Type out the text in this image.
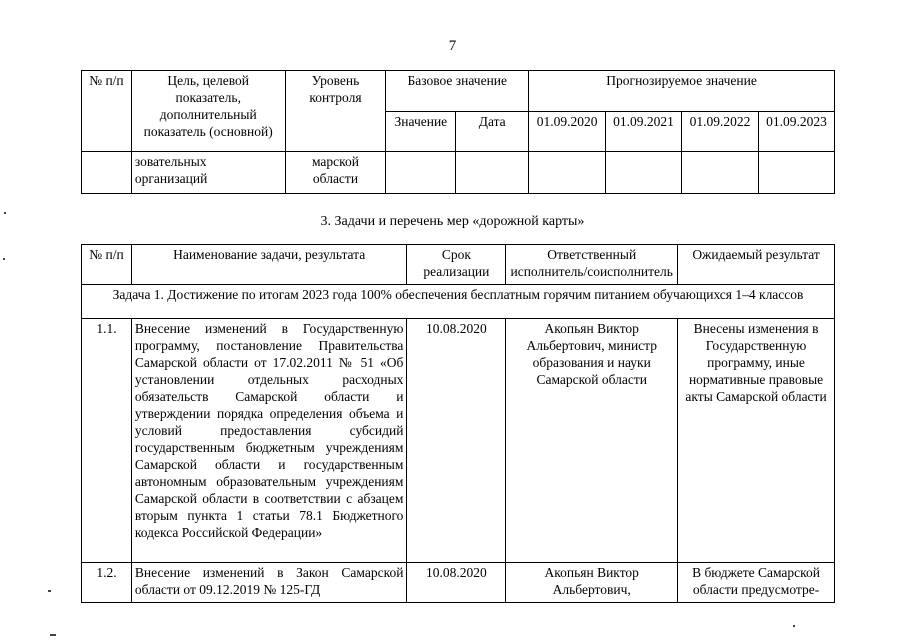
7
№ п/п	Цель, целевой показатель, дополнительный показатель (основной)	Уровень контроля	Базовое значение		Прогнозируемое значение			
			Значение	Дата	01.09.2020	01.09.2021	01.09.2022	01.09.2023
	зовательных организаций	марской области						
3. Задачи и перечень мер «дорожной карты»
№ п/п	Наименование задачи, результата	Срок реализации	Ответственный исполнитель/соисполнитель	Ожидаемый результат
Задача 1. Достижение по итогам 2023 года 100% обеспечения бесплатным горячим питанием обучающихся 1–4 классов				
1.1.	Внесение изменений в Государственную программу, постановление Правительства Самарской области от 17.02.2011 № 51 «Об установлении отдельных расходных обязательств Самарской области и утверждении порядка определения объема и условий предоставления субсидий государственным бюджетным учреждениям Самарской области и государственным автономным образовательным учреждениям Самарской области в соответствии с абзацем вторым пункта 1 статьи 78.1 Бюджетного кодекса Российской Федерации»	10.08.2020	Акопьян Виктор Альбертович, министр образования и науки Самарской области	Внесены изменения в Государственную программу, иные нормативные правовые акты Самарской области
1.2.	Внесение изменений в Закон Самарской области от 09.12.2019 № 125-ГД	10.08.2020	Акопьян Виктор Альбертович,	В бюджете Самарской области предусмотре-
